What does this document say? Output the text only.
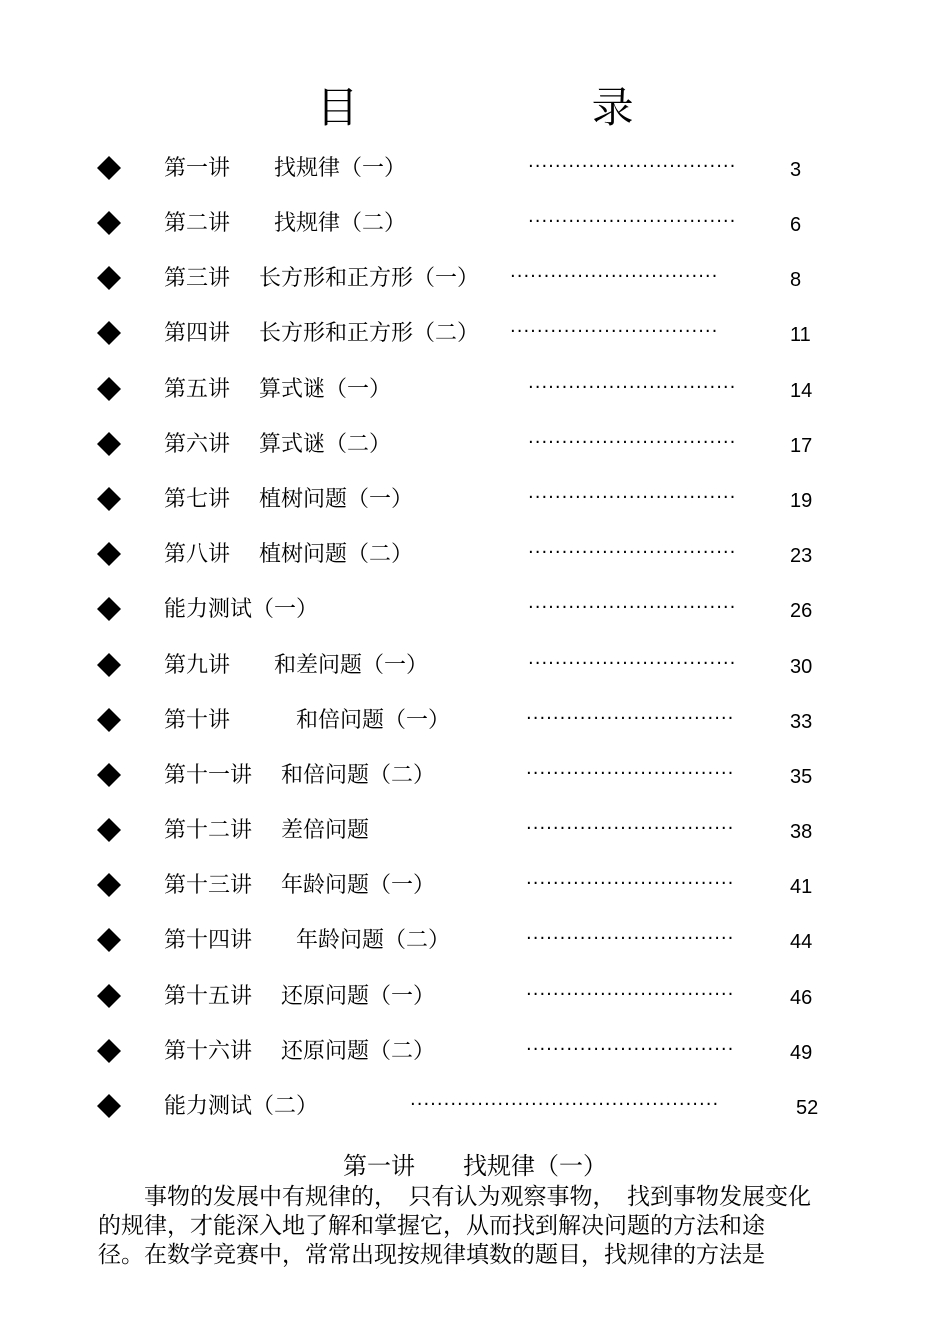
目 录
第一讲　　找规律（一）	·······························	3
第二讲　　找规律（二）	·······························	6
第三讲　 长方形和正方形（一） ·······························	8
第四讲　 长方形和正方形（二） ·······························	11
第五讲　 算式谜（一）	·······························	14
第六讲　 算式谜（二）	·······························	17
第七讲　 植树问题（一）	·······························	19
第八讲　 植树问题（二）	·······························	23
能力测试（一）	·······························	26
第九讲　　和差问题（一）	·······························	30
第十讲　　　和倍问题（一）	·······························	33
第十一讲　 和倍问题（二）	·······························	35
第十二讲　 差倍问题	·······························	38
第十三讲　 年龄问题（一）	·······························	41
第十四讲　　年龄问题（二）	·······························	44
第十五讲　 还原问题（一）	·······························	46
第十六讲　 还原问题（二）	·······························	49
能力测试（二）	··············································	52
第一讲　　找规律（一）
　　事物的发展中有规律的，　只有认为观察事物，　找到事物发展变化
的规律，才能深入地了解和掌握它，从而找到解决问题的方法和途
径。在数学竞赛中，常常出现按规律填数的题目，找规律的方法是
